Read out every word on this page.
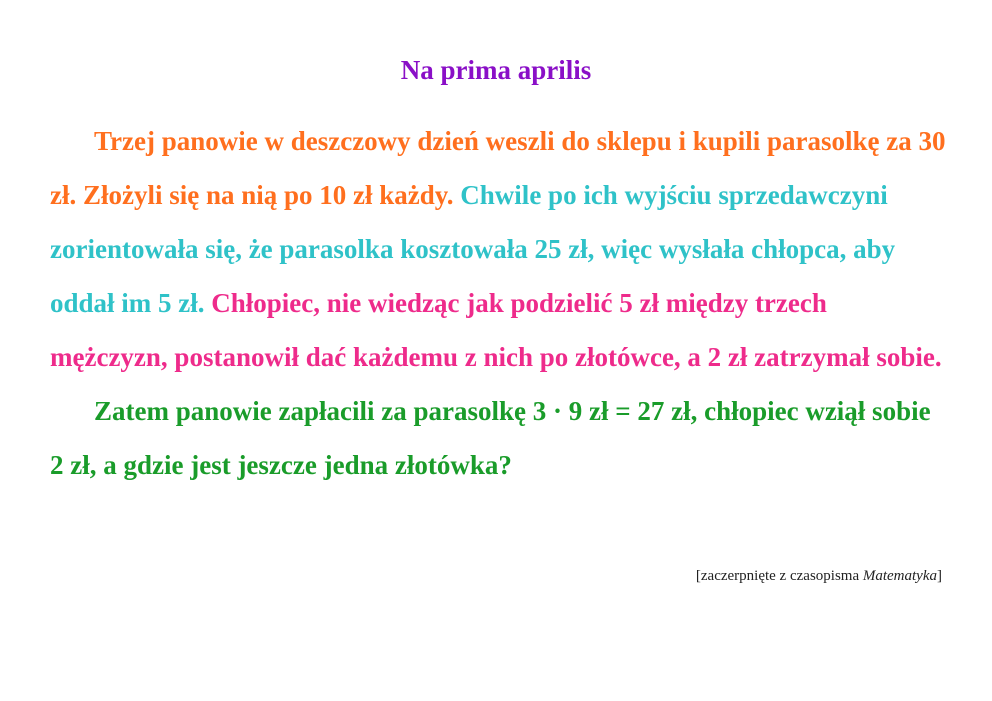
Na prima aprilis

Trzej panowie w deszczowy dzień weszli do sklepu i kupili parasolkę za 30 zł. Złożyli się na nią po 10 zł każdy. Chwile po ich wyjściu sprzedawczyni zorientowała się, że parasolka kosztowała 25 zł, więc wysłała chłopca, aby oddał im 5 zł. Chłopiec, nie wiedząc jak podzielić 5 zł między trzech mężczyzn, postanowił dać każdemu z nich po złotówce, a 2 zł zatrzymał sobie.

Zatem panowie zapłacili za parasolkę 3 · 9 zł = 27 zł, chłopiec wziął sobie 2 zł, a gdzie jest jeszcze jedna złotówka?

[zaczerpnięte z czasopisma Matematyka]
